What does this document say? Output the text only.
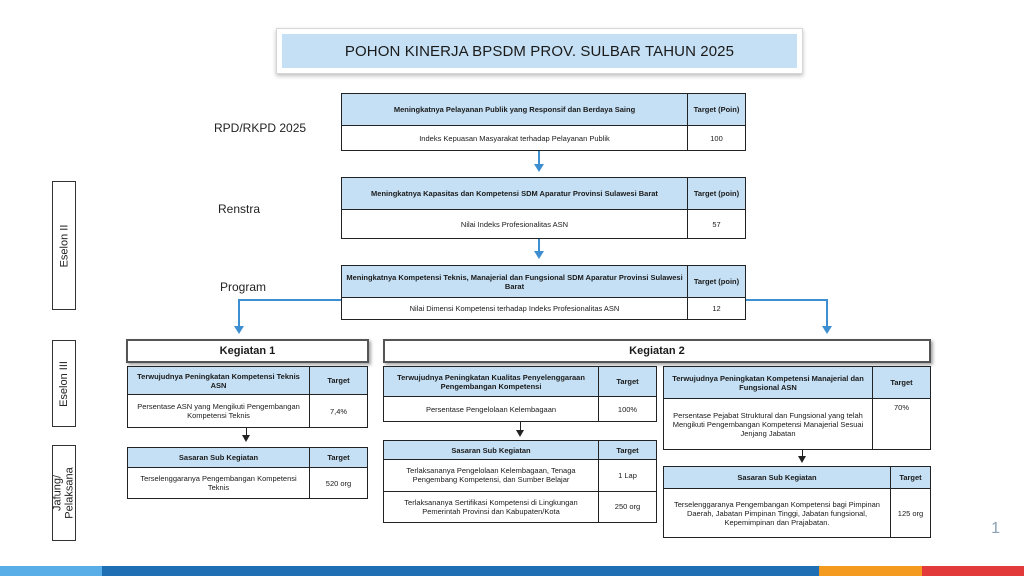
POHON KINERJA BPSDM PROV. SULBAR TAHUN 2025
RPD/RKPD 2025
Renstra
Program
Eselon II
Eselon III
Jafung/ Pelaksana
Meningkatnya Pelayanan Publik yang Responsif dan Berdaya Saing	Target (Poin)
Indeks Kepuasan Masyarakat terhadap Pelayanan Publik	100
Meningkatnya Kapasitas dan Kompetensi SDM Aparatur Provinsi Sulawesi Barat	Target (poin)
Nilai Indeks Profesionalitas ASN	57
Meningkatnya Kompetensi Teknis, Manajerial dan Fungsional SDM Aparatur Provinsi Sulawesi Barat	Target (poin)
Nilai Dimensi Kompetensi terhadap Indeks Profesionalitas ASN	12
Kegiatan 1
Terwujudnya Peningkatan Kompetensi Teknis ASN	Target
Persentase ASN yang Mengikuti Pengembangan Kompetensi Teknis	7,4%
Sasaran Sub Kegiatan	Target
Terselenggaranya Pengembangan Kompetensi Teknis	520 org
Kegiatan 2
Terwujudnya Peningkatan Kualitas Penyelenggaraan Pengembangan Kompetensi	Target
Persentase Pengelolaan Kelembagaan	100%
Sasaran Sub Kegiatan	Target
Terlaksananya Pengelolaan Kelembagaan, Tenaga Pengembang Kompetensi, dan Sumber Belajar	1 Lap
Terlaksananya Sertifikasi Kompetensi di Lingkungan Pemerintah Provinsi dan Kabupaten/Kota	250 org
Terwujudnya Peningkatan Kompetensi Manajerial dan Fungsional ASN	Target
Persentase Pejabat Struktural dan Fungsional yang telah Mengikuti Pengembangan Kompetensi Manajerial Sesuai Jenjang Jabatan	70%
Sasaran Sub Kegiatan	Target
Terselenggaranya Pengembangan Kompetensi bagi Pimpinan Daerah, Jabatan Pimpinan Tinggi, Jabatan fungsional, Kepemimpinan dan Prajabatan.	125 org
1
